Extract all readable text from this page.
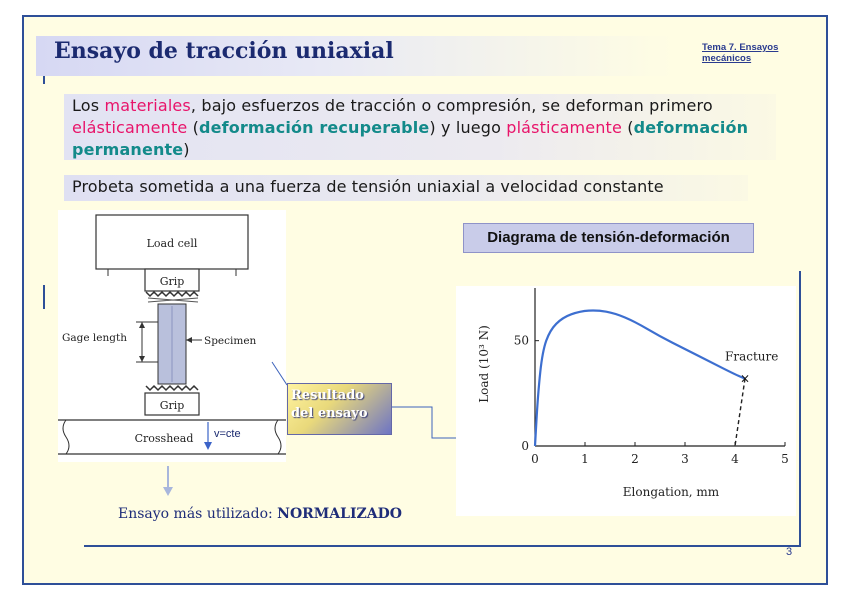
Ensayo de tracción uniaxial	Tema 7. Ensayos
mecánicos
Los materiales, bajo esfuerzos de tracción o compresión, se deforman primero elásticamente (deformación recuperable) y luego plásticamente (deformación permanente)
Probeta sometida a una fuerza de tensión uniaxial a velocidad constante
Diagrama de tensión-deformación
Load cell
Grip
Gage length	Specimen
Grip
Crosshead v=cte
Resultado
del ensayo
0	1	2	3	4	5
0
50
Load (10³ N)
Elongation, mm
×
Fracture
Ensayo más utilizado: NORMALIZADO
3
